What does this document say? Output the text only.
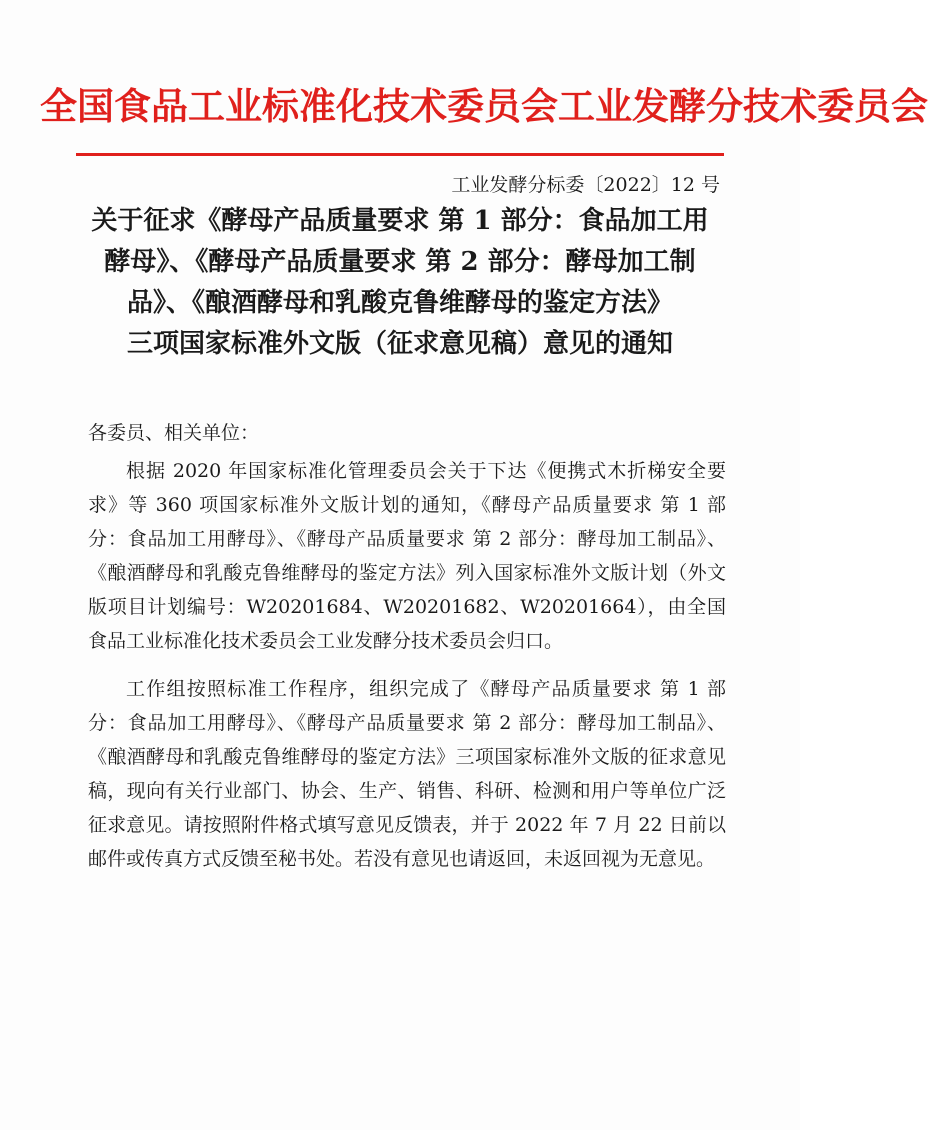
全国食品工业标准化技术委员会工业发酵分技术委员会
工业发酵分标委〔2022〕12 号
关于征求《酵母产品质量要求 第 1 部分：食品加工用
酵母》、《酵母产品质量要求 第 2 部分：酵母加工制
品》、《酿酒酵母和乳酸克鲁维酵母的鉴定方法》
三项国家标准外文版（征求意见稿）意见的通知

各委员、相关单位：

根据 2020 年国家标准化管理委员会关于下达《便携式木折梯安全要求》等 360 项国家标准外文版计划的通知，《酵母产品质量要求 第 1 部分：食品加工用酵母》、《酵母产品质量要求 第 2 部分：酵母加工制品》、《酿酒酵母和乳酸克鲁维酵母的鉴定方法》列入国家标准外文版计划（外文版项目计划编号：W20201684、W20201682、W20201664），由全国食品工业标准化技术委员会工业发酵分技术委员会归口。

工作组按照标准工作程序，组织完成了《酵母产品质量要求 第 1 部分：食品加工用酵母》、《酵母产品质量要求 第 2 部分：酵母加工制品》、《酿酒酵母和乳酸克鲁维酵母的鉴定方法》三项国家标准外文版的征求意见稿，现向有关行业部门、协会、生产、销售、科研、检测和用户等单位广泛征求意见。请按照附件格式填写意见反馈表，并于 2022 年 7 月 22 日前以邮件或传真方式反馈至秘书处。若没有意见也请返回，未返回视为无意见。
